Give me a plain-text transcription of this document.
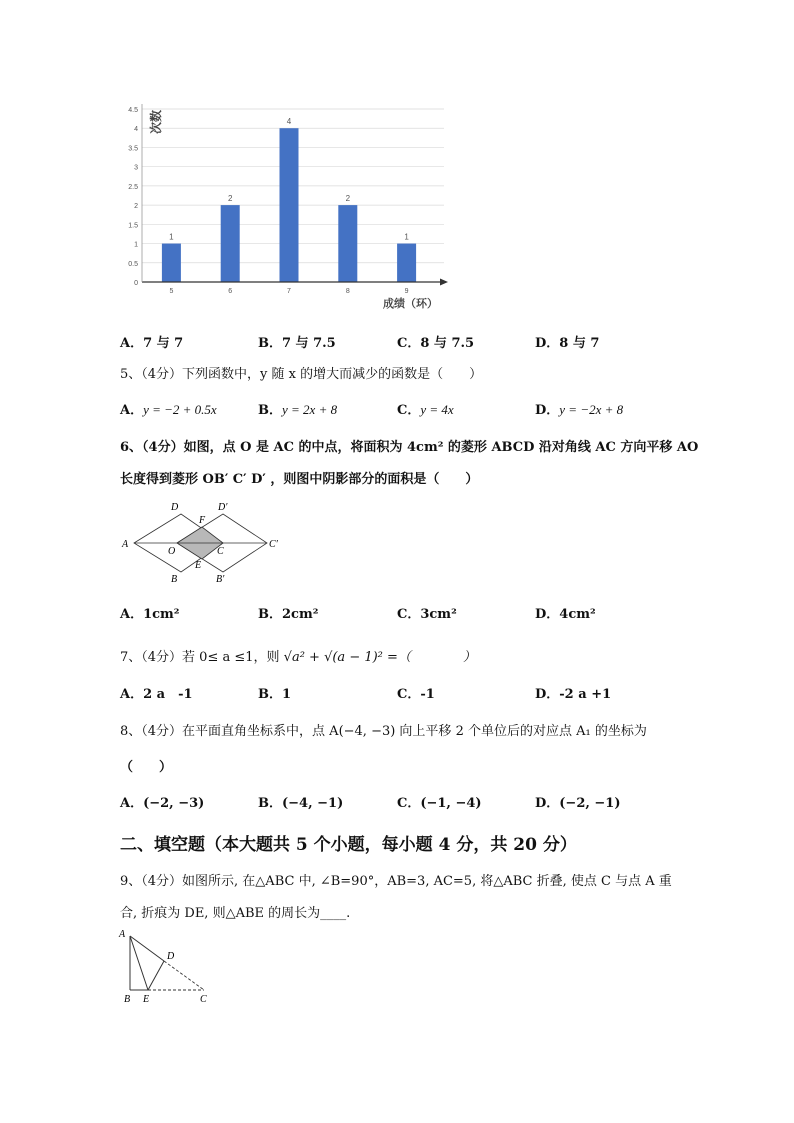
0
0.5
1
1.5
2
2.5
3
3.5
4
4.5
1
2
4
2
1
5	6	7	8	9
次数
成绩（环）
A．7 与 7	B．7 与 7.5	C．8 与 7.5	D．8 与 7
5、（4分）下列函数中，y 随 x 的增大而减少的函数是（　　）
A．y = −2 + 0.5x	B．y = 2x + 8	C．y = 4x	D．y = −2x + 8
6、（4分）如图，点 O 是 AC 的中点，将面积为 4cm² 的菱形 ABCD 沿对角线 AC 方向平移 AO
长度得到菱形 OB′ C′ D′ ，则图中阴影部分的面积是（　　）
A
D	D′
F
O	C
C′
E
B	B′
A．1cm²	B．2cm²	C．3cm²	D．4cm²
7、（4分）若 0≤ a ≤1，则 √a² + √(a − 1)² =（　　　　）
A．2 a　-1	B．1	C．-1	D．-2 a +1
8、（4分）在平面直角坐标系中，点 A(−4, −3) 向上平移 2 个单位后的对应点 A₁ 的坐标为
（　　）
A．(−2, −3)	B．(−4, −1)	C．(−1, −4)	D．(−2, −1)
二、填空题（本大题共 5 个小题，每小题 4 分，共 20 分）
9、（4分）如图所示, 在△ABC 中, ∠B=90°，AB=3, AC=5, 将△ABC 折叠, 使点 C 与点 A 重
合, 折痕为 DE, 则△ABE 的周长为____.
A
D
B E	C
